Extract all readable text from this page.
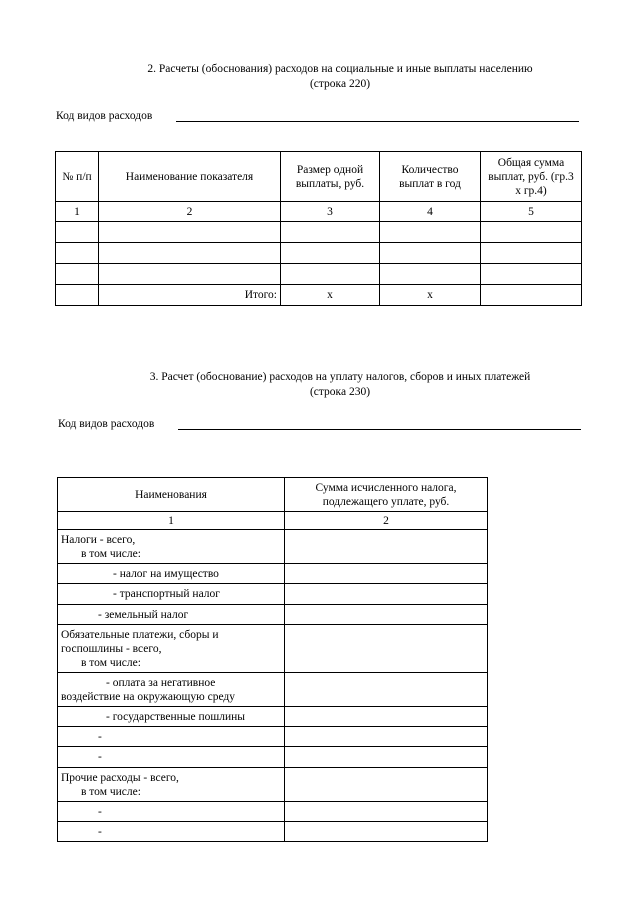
2. Расчеты (обоснования) расходов на социальные и иные выплаты населению
(строка 220)
Код видов расходов
№ п/п	Наименование показателя	Размер одной выплаты, руб.	Количество выплат в год	Общая сумма выплат, руб. (гр.3 х гр.4)
1	2	3	4	5

	Итого:	х	х	
3. Расчет (обоснование) расходов на уплату налогов, сборов и иных платежей
(строка 230)
Код видов расходов
Наименования	Сумма исчисленного налога, подлежащего уплате, руб.
1	2

Налоги - всего,
в том числе:	

- налог на имущество	
- транспортный налог	
- земельный налог	

Обязательные платежи, сборы и
госпошлины - всего,
в том числе:	

- оплата за негативное
воздействие на окружающую среду	

- государственные пошлины	
-	
-	

Прочие расходы - всего,
в том числе:	

-	
-	
